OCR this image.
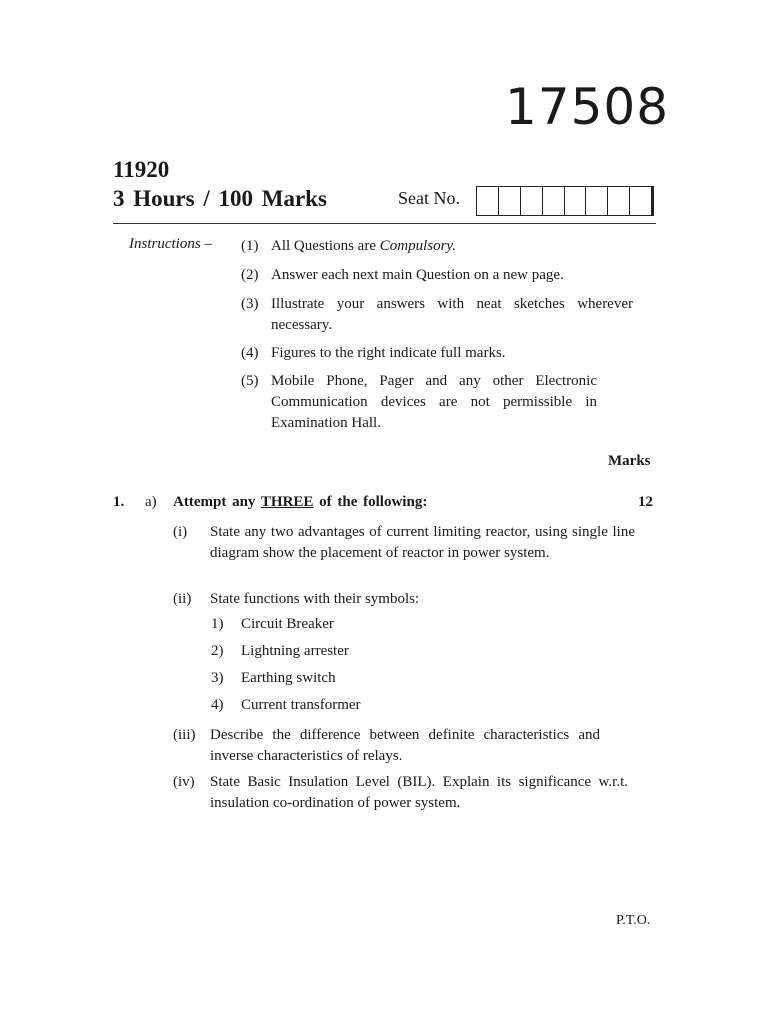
17508
11920
3 Hours / 100 Marks	Seat No.
Instructions – (1) All Questions are Compulsory.
(2) Answer each next main Question on a new page.
(3) Illustrate your answers with neat sketches wherever necessary.
(4) Figures to the right indicate full marks.
(5) Mobile Phone, Pager and any other Electronic Communication devices are not permissible in Examination Hall.
Marks
1. a) Attempt any THREE of the following:	12
(i) State any two advantages of current limiting reactor, using single line diagram show the placement of reactor in power system.
(ii) State functions with their symbols:
1) Circuit Breaker
2) Lightning arrester
3) Earthing switch
4) Current transformer
(iii) Describe the difference between definite characteristics and inverse characteristics of relays.
(iv) State Basic Insulation Level (BIL). Explain its significance w.r.t. insulation co-ordination of power system.
P.T.O.
